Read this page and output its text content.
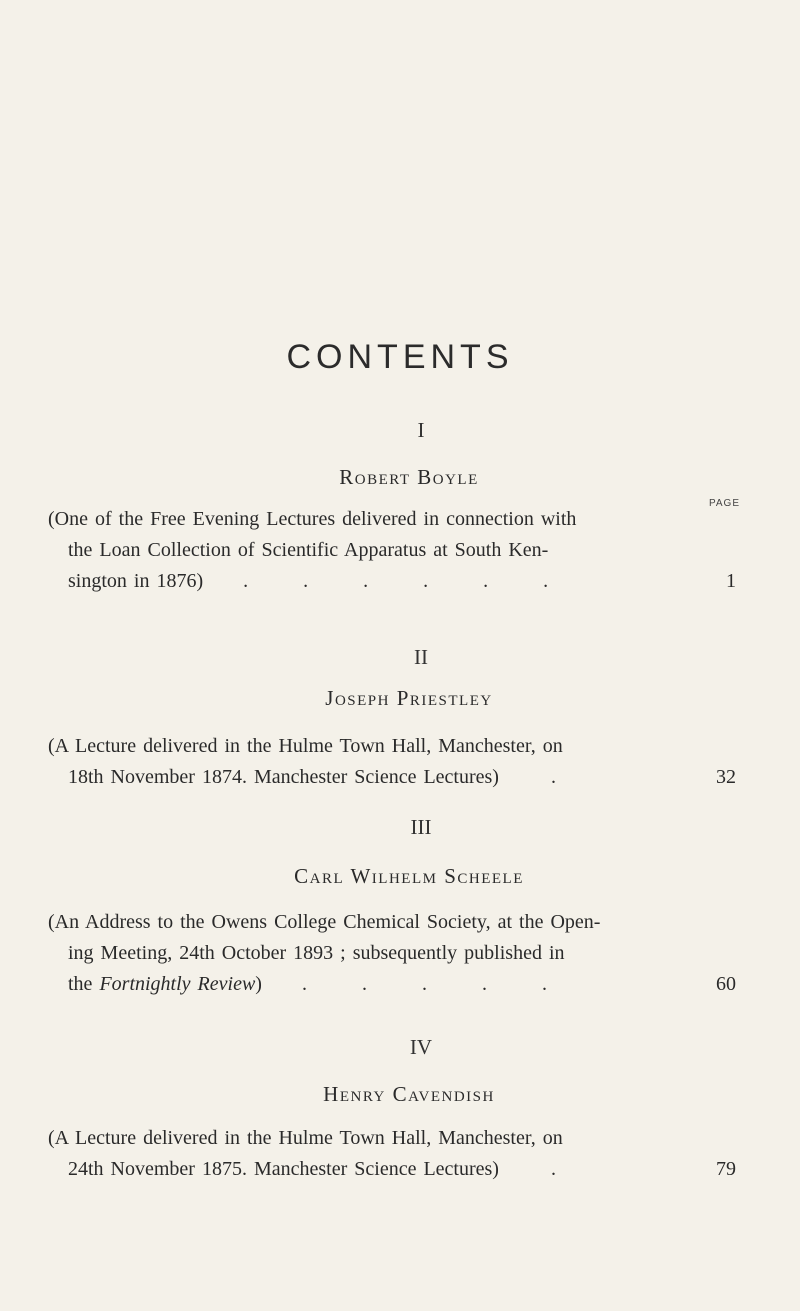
CONTENTS
I
Robert Boyle
PAGE
(One of the Free Evening Lectures delivered in connection with
the Loan Collection of Scientific Apparatus at South Ken-
sington in 1876) . . . . . .	1
II
Joseph Priestley
(A Lecture delivered in the Hulme Town Hall, Manchester, on
18th November 1874. Manchester Science Lectures)	.	32
III
Carl Wilhelm Scheele
(An Address to the Owens College Chemical Society, at the Open-
ing Meeting, 24th October 1893 ; subsequently published in
the Fortnightly Review) . . . . .	60
IV
Henry Cavendish
(A Lecture delivered in the Hulme Town Hall, Manchester, on
24th November 1875. Manchester Science Lectures)	.	79
